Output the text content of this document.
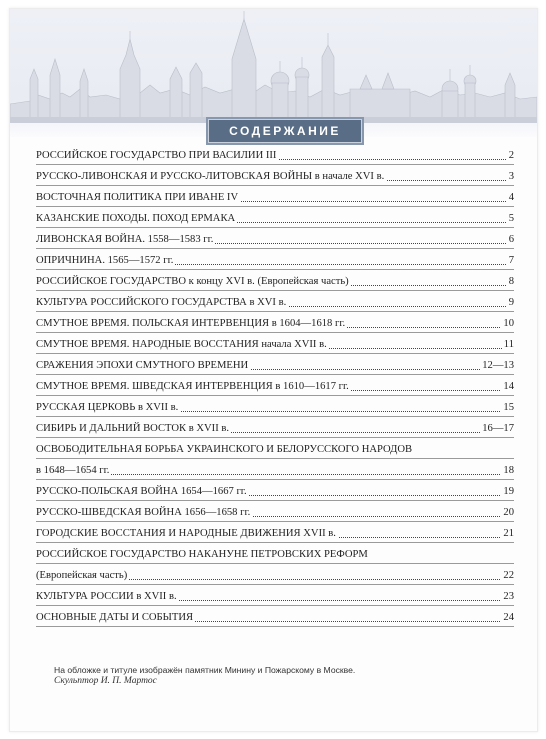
СОДЕРЖАНИЕ
РОССИЙСКОЕ ГОСУДАРСТВО ПРИ ВАСИЛИИ III	2
РУССКО-ЛИВОНСКАЯ И РУССКО-ЛИТОВСКАЯ ВОЙНЫ в начале XVI в.	3
ВОСТОЧНАЯ ПОЛИТИКА ПРИ ИВАНЕ IV	4
КАЗАНСКИЕ ПОХОДЫ. ПОХОД ЕРМАКА	5
ЛИВОНСКАЯ ВОЙНА. 1558—1583 гг.	6
ОПРИЧНИНА. 1565—1572 гг.	7
РОССИЙСКОЕ ГОСУДАРСТВО к концу XVI в. (Европейская часть)	8
КУЛЬТУРА РОССИЙСКОГО ГОСУДАРСТВА в XVI в.	9
СМУТНОЕ ВРЕМЯ. ПОЛЬСКАЯ ИНТЕРВЕНЦИЯ в 1604—1618 гг.	10
СМУТНОЕ ВРЕМЯ. НАРОДНЫЕ ВОССТАНИЯ начала XVII в.	11
СРАЖЕНИЯ ЭПОХИ СМУТНОГО ВРЕМЕНИ	12—13
СМУТНОЕ ВРЕМЯ. ШВЕДСКАЯ ИНТЕРВЕНЦИЯ в 1610—1617 гг.	14
РУССКАЯ ЦЕРКОВЬ в XVII в.	15
СИБИРЬ И ДАЛЬНИЙ ВОСТОК в XVII в.	16—17
ОСВОБОДИТЕЛЬНАЯ БОРЬБА УКРАИНСКОГО И БЕЛОРУССКОГО НАРОДОВ
в 1648—1654 гг.	18
РУССКО-ПОЛЬСКАЯ ВОЙНА 1654—1667 гг.	19
РУССКО-ШВЕДСКАЯ ВОЙНА 1656—1658 гг.	20
ГОРОДСКИЕ ВОССТАНИЯ И НАРОДНЫЕ ДВИЖЕНИЯ XVII в.	21
РОССИЙСКОЕ ГОСУДАРСТВО НАКАНУНЕ ПЕТРОВСКИХ РЕФОРМ
(Европейская часть)	22
КУЛЬТУРА РОССИИ в XVII в.	23
ОСНОВНЫЕ ДАТЫ И СОБЫТИЯ	24
На обложке и титуле изображён памятник Минину и Пожарскому в Москве.
Скульптор И. П. Мартос
